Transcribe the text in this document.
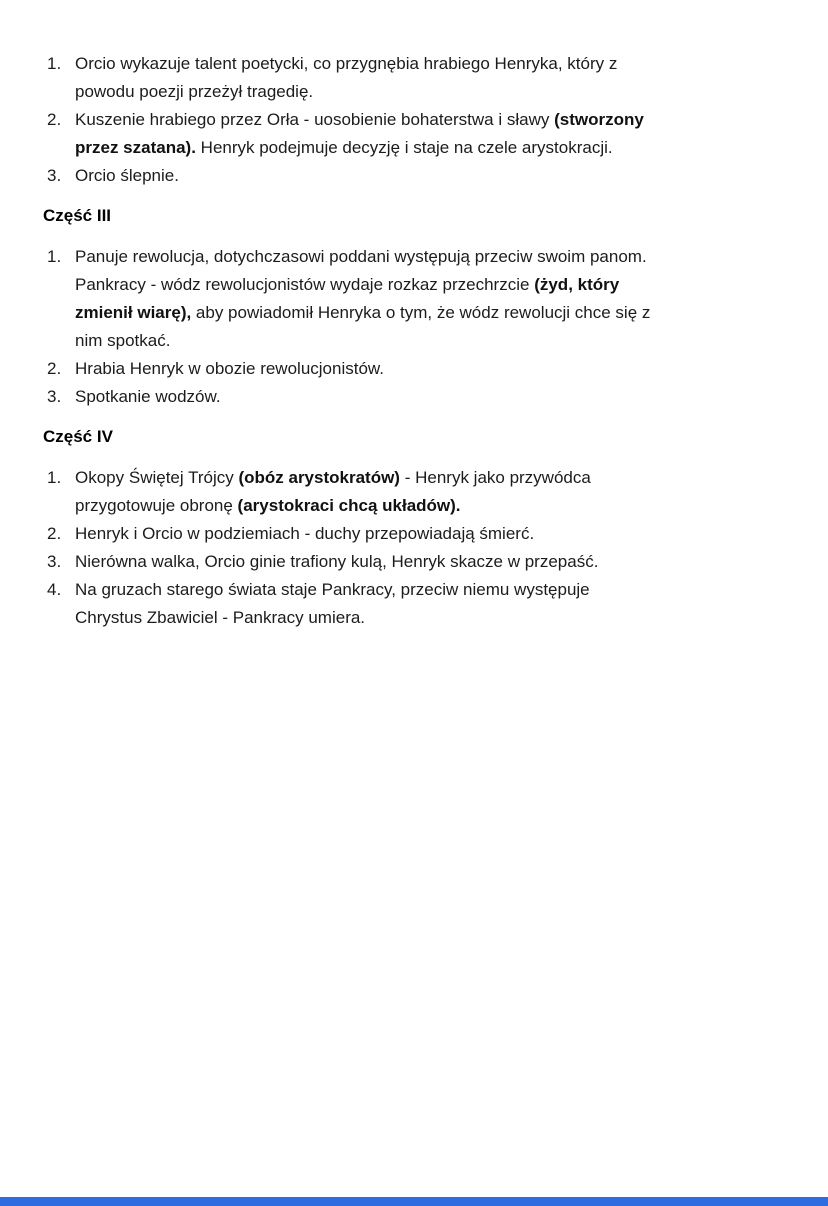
1. Orcio wykazuje talent poetycki, co przygnębia hrabiego Henryka, który z
powodu poezji przeżył tragedię.
2. Kuszenie hrabiego przez Orła - uosobienie bohaterstwa i sławy (stworzony
przez szatana). Henryk podejmuje decyzję i staje na czele arystokracji.
3. Orcio ślepnie.
Część III
1. Panuje rewolucja, dotychczasowi poddani występują przeciw swoim panom.
Pankracy - wódz rewolucjonistów wydaje rozkaz przechrzcie (żyd, który
zmienił wiarę), aby powiadomił Henryka o tym, że wódz rewolucji chce się z
nim spotkać.
2. Hrabia Henryk w obozie rewolucjonistów.
3. Spotkanie wodzów.
Część IV
1. Okopy Świętej Trójcy (obóz arystokratów) - Henryk jako przywódca
przygotowuje obronę (arystokraci chcą układów).
2. Henryk i Orcio w podziemiach - duchy przepowiadają śmierć.
3. Nierówna walka, Orcio ginie trafiony kulą, Henryk skacze w przepaść.
4. Na gruzach starego świata staje Pankracy, przeciw niemu występuje
Chrystus Zbawiciel - Pankracy umiera.
